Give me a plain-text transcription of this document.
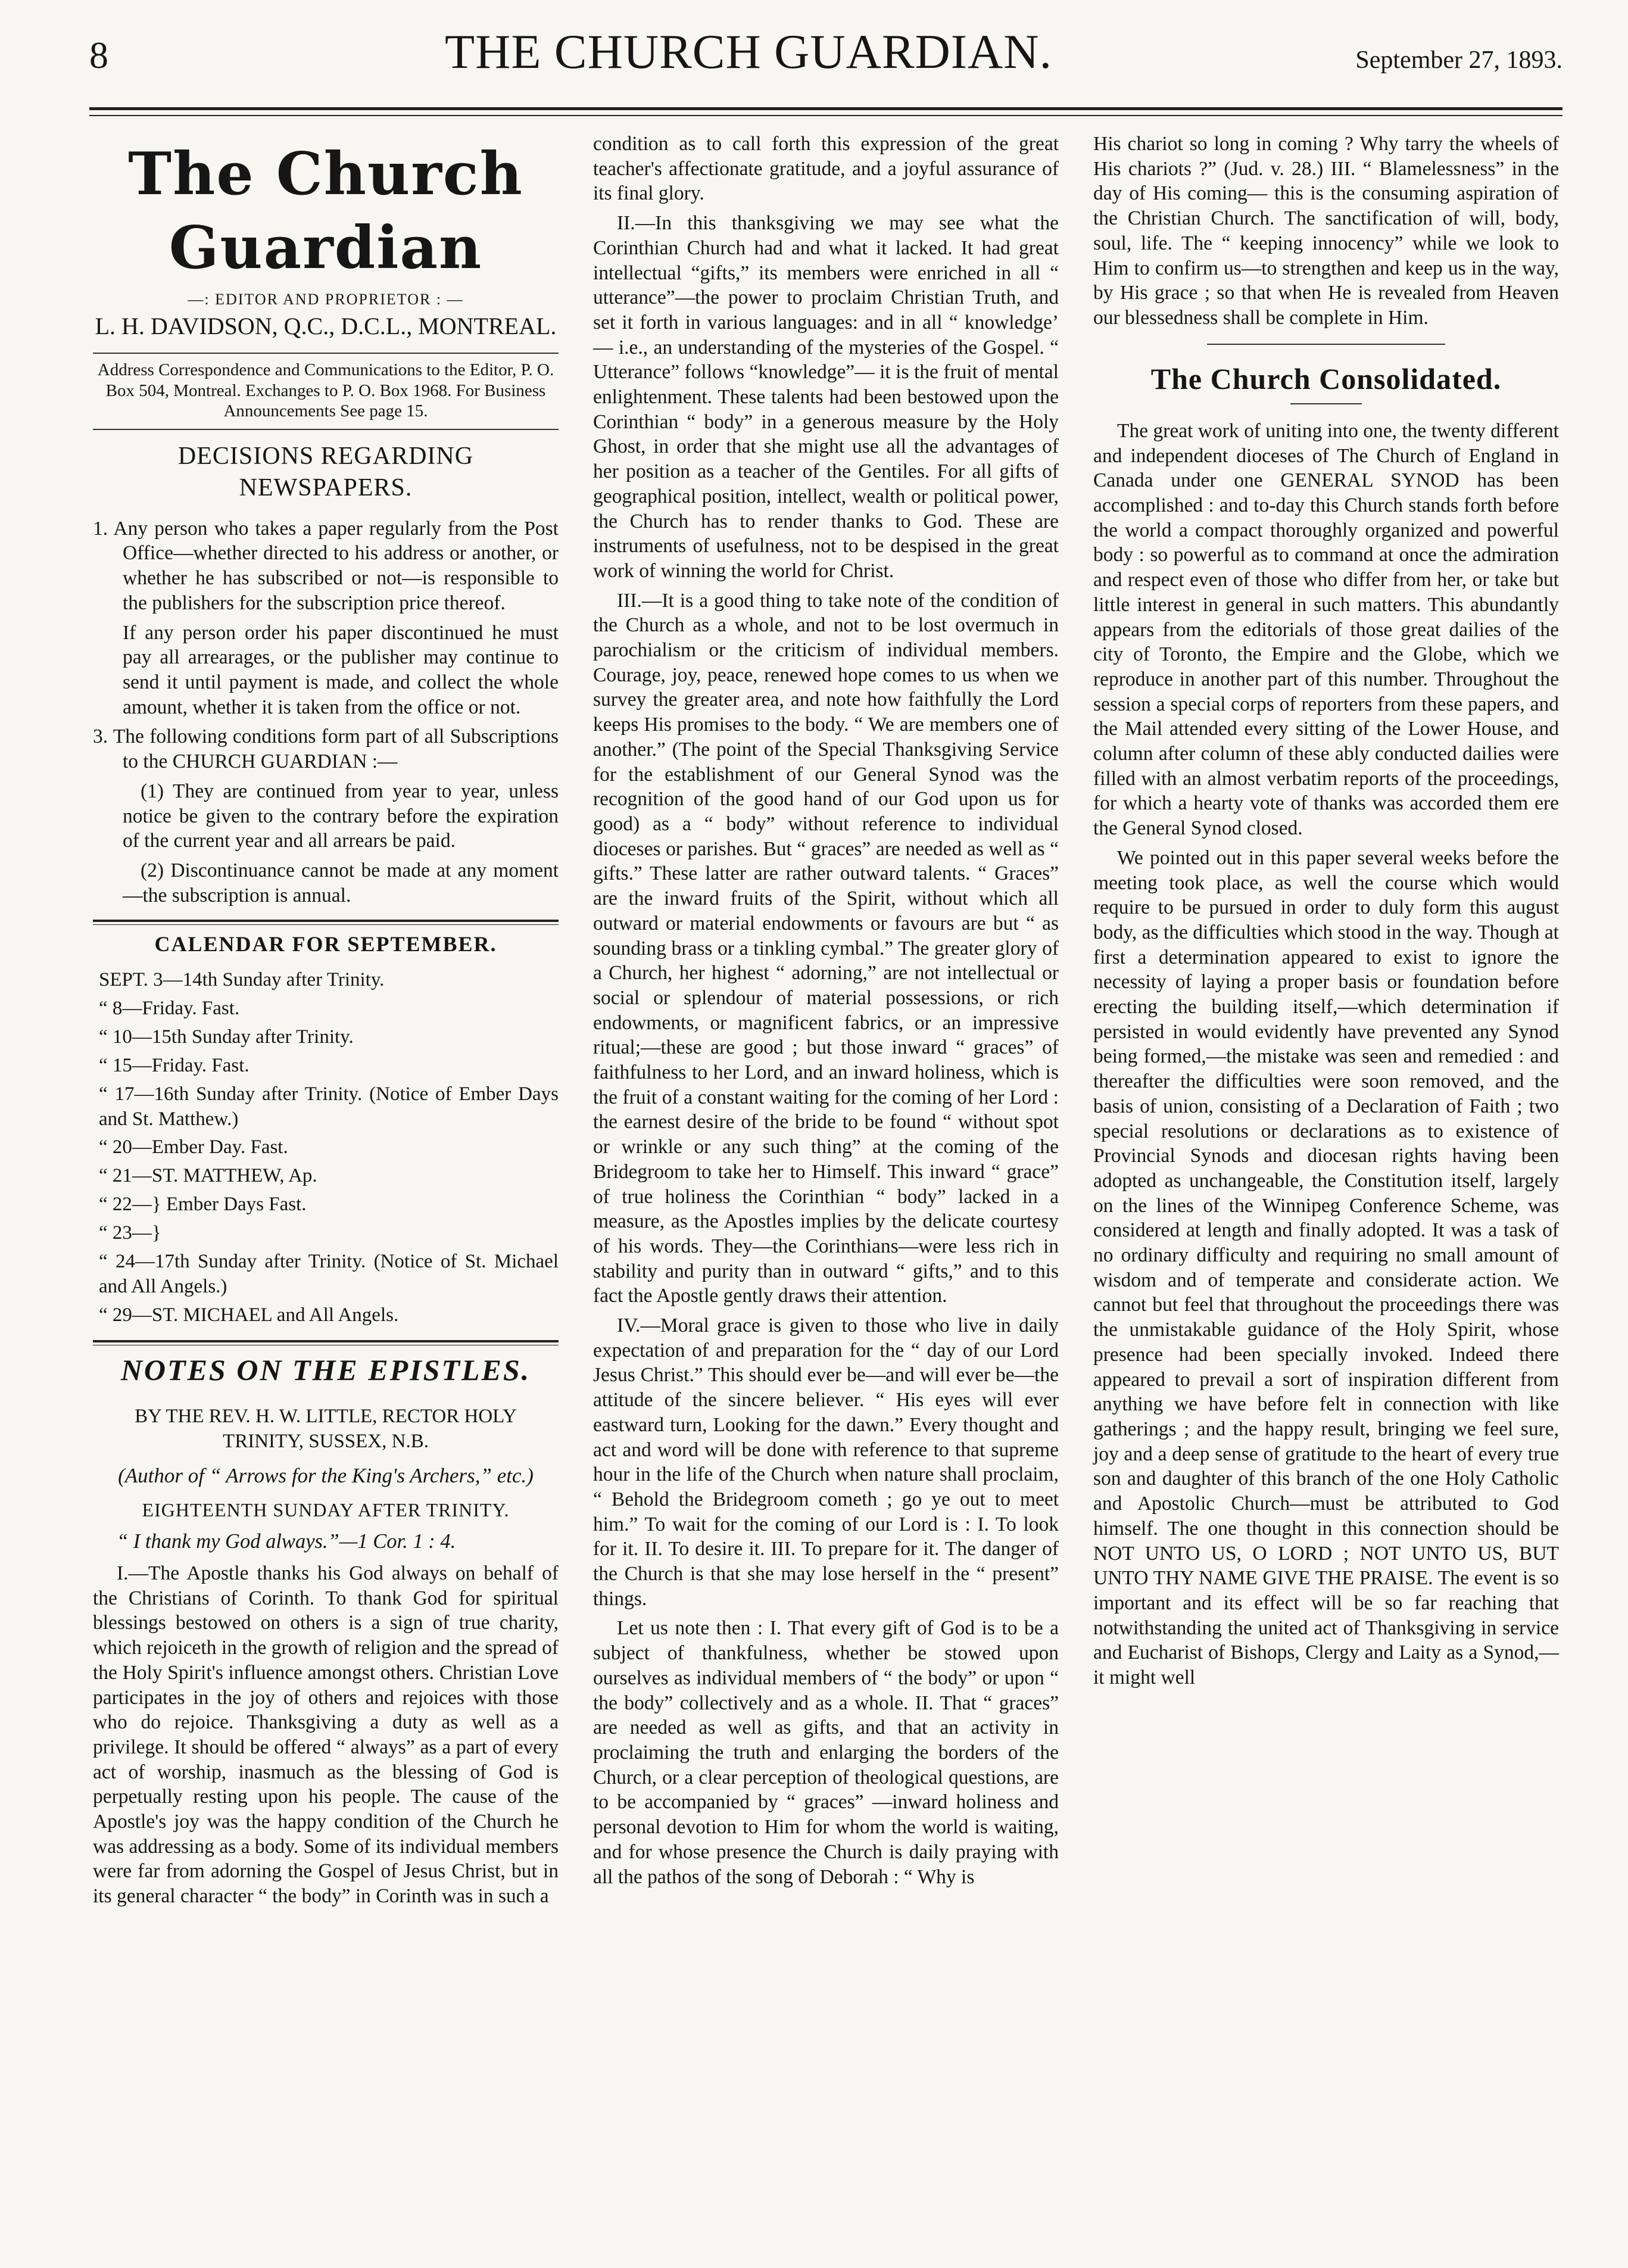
8	THE CHURCH GUARDIAN.	September 27, 1893.
The Church Guardian
—: EDITOR AND PROPRIETOR : —
L. H. DAVIDSON, Q.C., D.C.L., MONTREAL.
Address Correspondence and Communications to the Editor, P. O. Box 504, Montreal. Exchanges to P. O. Box 1968. For Business Announcements See page 15.
DECISIONS REGARDING NEWSPAPERS.

1. Any person who takes a paper regularly from the Post Office—whether directed to his address or another, or whether he has subscribed or not—is responsible to the publishers for the subscription price thereof.

If any person order his paper discontinued he must pay all arrearages, or the publisher may continue to send it until payment is made, and collect the whole amount, whether it is taken from the office or not.

3. The following conditions form part of all Subscriptions to the CHURCH GUARDIAN :—

(1) They are continued from year to year, unless notice be given to the contrary before the expiration of the current year and all arrears be paid.

(2) Discontinuance cannot be made at any moment—the subscription is annual.

CALENDAR FOR SEPTEMBER.
SEPT. 3—14th Sunday after Trinity.
“ 8—Friday. Fast.
“ 10—15th Sunday after Trinity.
“ 15—Friday. Fast.
“ 17—16th Sunday after Trinity. (Notice of Ember Days and St. Matthew.)
“ 20—Ember Day. Fast.
“ 21—ST. MATTHEW, Ap.
“ 22—} Ember Days Fast.
“ 23—}
“ 24—17th Sunday after Trinity. (Notice of St. Michael and All Angels.)
“ 29—ST. MICHAEL and All Angels.
NOTES ON THE EPISTLES.
BY THE REV. H. W. LITTLE, RECTOR HOLY TRINITY, SUSSEX, N.B.
(Author of “ Arrows for the King's Archers,” etc.)
EIGHTEENTH SUNDAY AFTER TRINITY.

“ I thank my God always.”—1 Cor. 1 : 4.

I.—The Apostle thanks his God always on behalf of the Christians of Corinth. To thank God for spiritual blessings bestowed on others is a sign of true charity, which rejoiceth in the growth of religion and the spread of the Holy Spirit's influence amongst others. Christian Love participates in the joy of others and rejoices with those who do rejoice. Thanksgiving a duty as well as a privilege. It should be offered “ always” as a part of every act of worship, inasmuch as the blessing of God is perpetually resting upon his people. The cause of the Apostle's joy was the happy condition of the Church he was addressing as a body. Some of its individual members were far from adorning the Gospel of Jesus Christ, but in its general character “ the body” in Corinth was in such a

condition as to call forth this expression of the great teacher's affectionate gratitude, and a joyful assurance of its final glory.

II.—In this thanksgiving we may see what the Corinthian Church had and what it lacked. It had great intellectual “gifts,” its members were enriched in all “ utterance”—the power to proclaim Christian Truth, and set it forth in various languages: and in all “ knowledge’ — i.e., an understanding of the mysteries of the Gospel. “ Utterance” follows “knowledge”— it is the fruit of mental enlightenment. These talents had been bestowed upon the Corinthian “ body” in a generous measure by the Holy Ghost, in order that she might use all the advantages of her position as a teacher of the Gentiles. For all gifts of geographical position, intellect, wealth or political power, the Church has to render thanks to God. These are instruments of usefulness, not to be despised in the great work of winning the world for Christ.

III.—It is a good thing to take note of the condition of the Church as a whole, and not to be lost overmuch in parochialism or the criticism of individual members. Courage, joy, peace, renewed hope comes to us when we survey the greater area, and note how faithfully the Lord keeps His promises to the body. “ We are members one of another.” (The point of the Special Thanksgiving Service for the establishment of our General Synod was the recognition of the good hand of our God upon us for good) as a “ body” without reference to individual dioceses or parishes. But “ graces” are needed as well as “ gifts.” These latter are rather outward talents. “ Graces” are the inward fruits of the Spirit, without which all outward or material endowments or favours are but “ as sounding brass or a tinkling cymbal.” The greater glory of a Church, her highest “ adorning,” are not intellectual or social or splendour of material possessions, or rich endowments, or magnificent fabrics, or an impressive ritual;—these are good ; but those inward “ graces” of faithfulness to her Lord, and an inward holiness, which is the fruit of a constant waiting for the coming of her Lord : the earnest desire of the bride to be found “ without spot or wrinkle or any such thing” at the coming of the Bridegroom to take her to Himself. This inward “ grace” of true holiness the Corinthian “ body” lacked in a measure, as the Apostles implies by the delicate courtesy of his words. They—the Corinthians—were less rich in stability and purity than in outward “ gifts,” and to this fact the Apostle gently draws their attention.

IV.—Moral grace is given to those who live in daily expectation of and preparation for the “ day of our Lord Jesus Christ.” This should ever be—and will ever be—the attitude of the sincere believer. “ His eyes will ever eastward turn, Looking for the dawn.” Every thought and act and word will be done with reference to that supreme hour in the life of the Church when nature shall proclaim, “ Behold the Bridegroom cometh ; go ye out to meet him.” To wait for the coming of our Lord is : I. To look for it. II. To desire it. III. To prepare for it. The danger of the Church is that she may lose herself in the “ present” things.

Let us note then : I. That every gift of God is to be a subject of thankfulness, whether be stowed upon ourselves as individual members of “ the body” or upon “ the body” collectively and as a whole. II. That “ graces” are needed as well as gifts, and that an activity in proclaiming the truth and enlarging the borders of the Church, or a clear perception of theological questions, are to be accompanied by “ graces” —inward holiness and personal devotion to Him for whom the world is waiting, and for whose presence the Church is daily praying with all the pathos of the song of Deborah : “ Why is

His chariot so long in coming ? Why tarry the wheels of His chariots ?” (Jud. v. 28.) III. “ Blamelessness” in the day of His coming— this is the consuming aspiration of the Christian Church. The sanctification of will, body, soul, life. The “ keeping innocency” while we look to Him to confirm us—to strengthen and keep us in the way, by His grace ; so that when He is revealed from Heaven our blessedness shall be complete in Him.

The Church Consolidated.

The great work of uniting into one, the twenty different and independent dioceses of The Church of England in Canada under one GENERAL SYNOD has been accomplished : and to-day this Church stands forth before the world a compact thoroughly organized and powerful body : so powerful as to command at once the admiration and respect even of those who differ from her, or take but little interest in general in such matters. This abundantly appears from the editorials of those great dailies of the city of Toronto, the Empire and the Globe, which we reproduce in another part of this number. Throughout the session a special corps of reporters from these papers, and the Mail attended every sitting of the Lower House, and column after column of these ably conducted dailies were filled with an almost verbatim reports of the proceedings, for which a hearty vote of thanks was accorded them ere the General Synod closed.

We pointed out in this paper several weeks before the meeting took place, as well the course which would require to be pursued in order to duly form this august body, as the difficulties which stood in the way. Though at first a determination appeared to exist to ignore the necessity of laying a proper basis or foundation before erecting the building itself,—which determination if persisted in would evidently have prevented any Synod being formed,—the mistake was seen and remedied : and thereafter the difficulties were soon removed, and the basis of union, consisting of a Declaration of Faith ; two special resolutions or declarations as to existence of Provincial Synods and diocesan rights having been adopted as unchangeable, the Constitution itself, largely on the lines of the Winnipeg Conference Scheme, was considered at length and finally adopted. It was a task of no ordinary difficulty and requiring no small amount of wisdom and of temperate and considerate action. We cannot but feel that throughout the proceedings there was the unmistakable guidance of the Holy Spirit, whose presence had been specially invoked. Indeed there appeared to prevail a sort of inspiration different from anything we have before felt in connection with like gatherings ; and the happy result, bringing we feel sure, joy and a deep sense of gratitude to the heart of every true son and daughter of this branch of the one Holy Catholic and Apostolic Church—must be attributed to God himself. The one thought in this connection should be NOT UNTO US, O LORD ; NOT UNTO US, BUT UNTO THY NAME GIVE THE PRAISE. The event is so important and its effect will be so far reaching that notwithstanding the united act of Thanksgiving in service and Eucharist of Bishops, Clergy and Laity as a Synod,—it might well
